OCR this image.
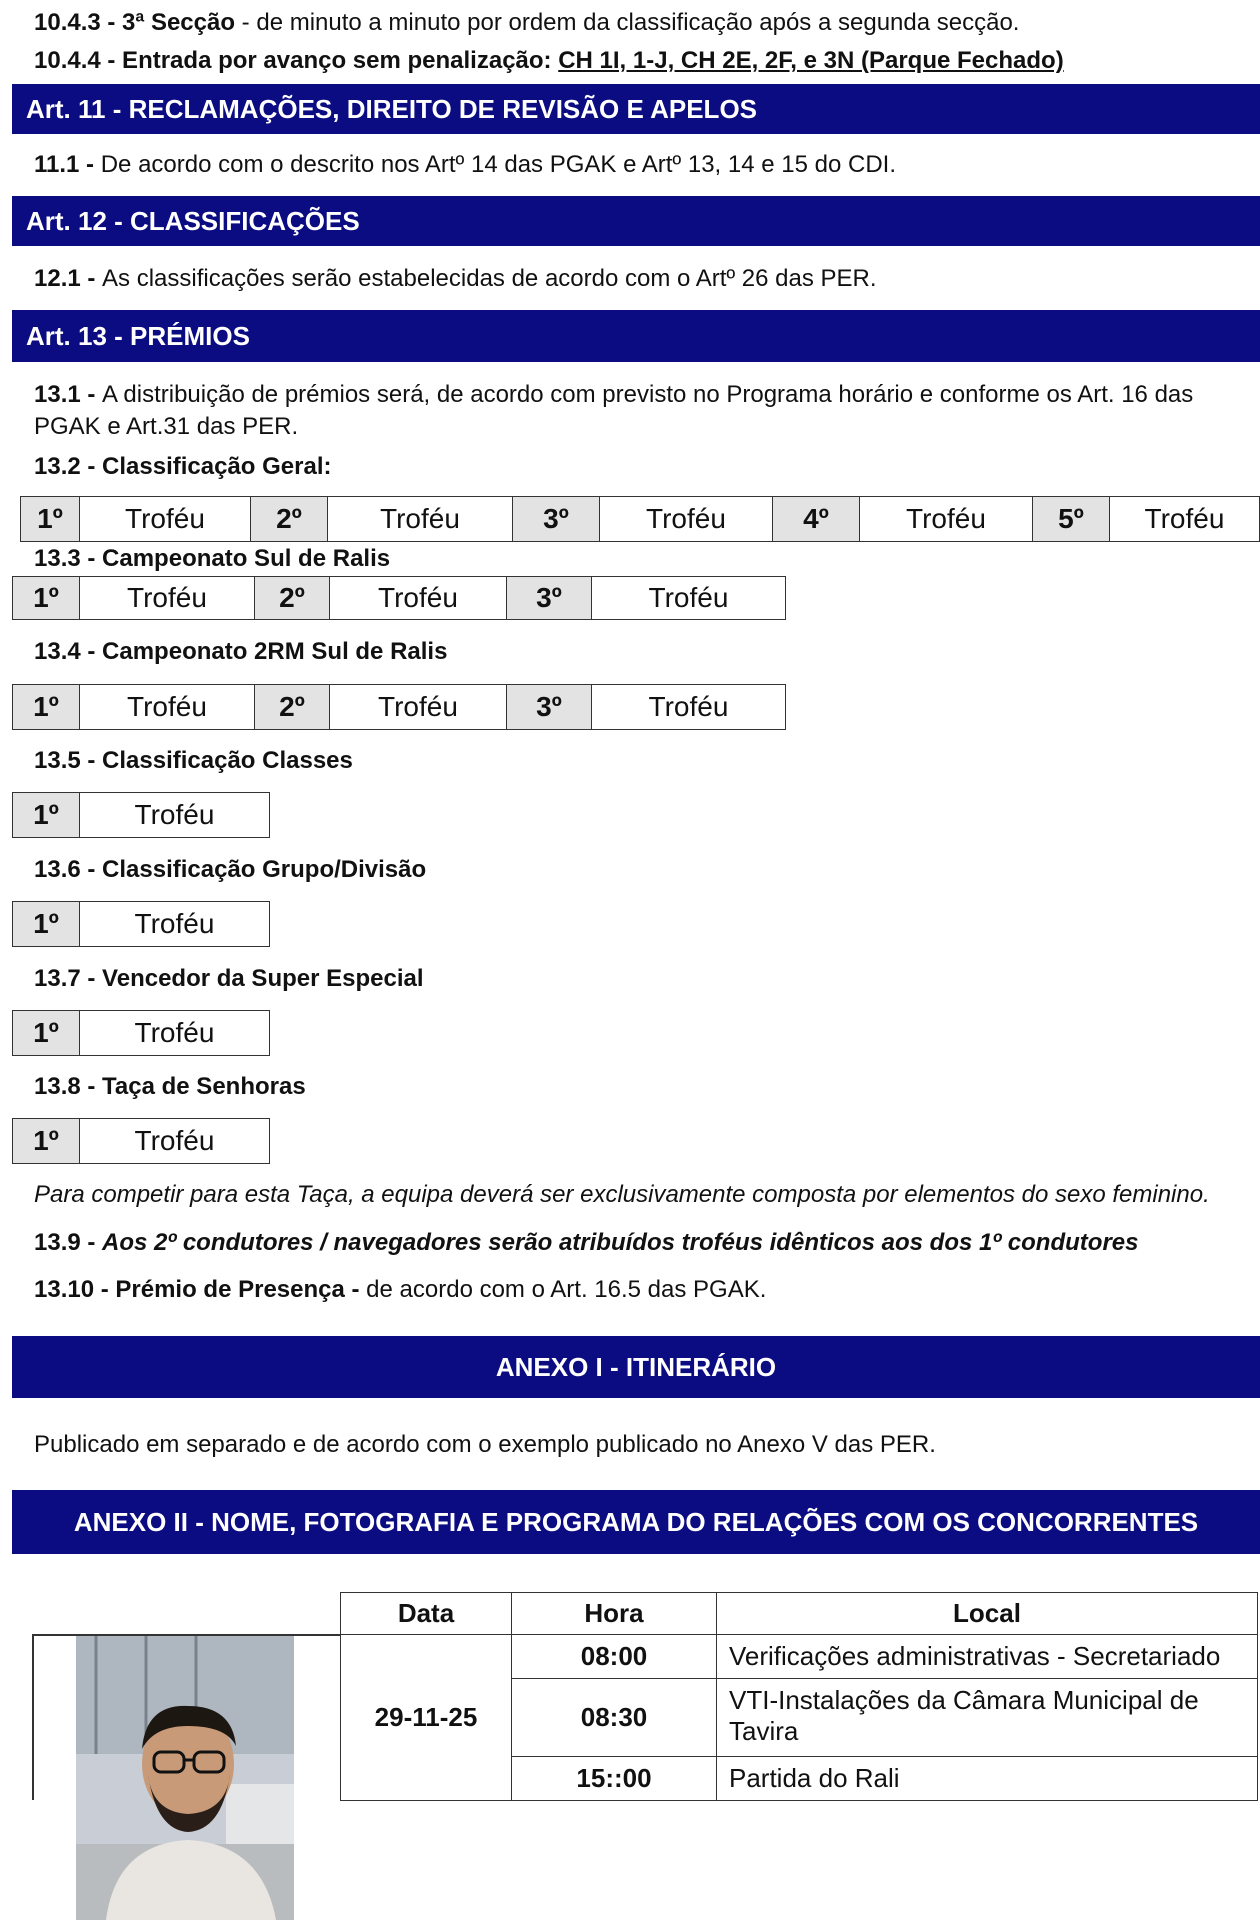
10.4.3 - 3ª Secção - de minuto a minuto por ordem da classificação após a segunda secção.
10.4.4 - Entrada por avanço sem penalização: CH 1I, 1-J, CH 2E, 2F, e 3N (Parque Fechado)
Art. 11 - RECLAMAÇÕES, DIREITO DE REVISÃO E APELOS
11.1 - De acordo com o descrito nos Artº 14 das PGAK e Artº 13, 14 e 15 do CDI.
Art. 12 - CLASSIFICAÇÕES
12.1 - As classificações serão estabelecidas de acordo com o Artº 26 das PER.
Art. 13 - PRÉMIOS
13.1 - A distribuição de prémios será, de acordo com previsto no Programa horário e conforme os Art. 16 das
PGAK e Art.31 das PER.
13.2 - Classificação Geral:
1º	Troféu	2º	Troféu	3º	Troféu	4º	Troféu	5º	Troféu
13.3 - Campeonato Sul de Ralis
1º	Troféu	2º	Troféu	3º	Troféu
13.4 - Campeonato 2RM Sul de Ralis
1º	Troféu	2º	Troféu	3º	Troféu
13.5 - Classificação Classes
1º	Troféu
13.6 - Classificação Grupo/Divisão
1º	Troféu
13.7 - Vencedor da Super Especial
1º	Troféu
13.8 - Taça de Senhoras
1º	Troféu
Para competir para esta Taça, a equipa deverá ser exclusivamente composta por elementos do sexo feminino.
13.9 - Aos 2º condutores / navegadores serão atribuídos troféus idênticos aos dos 1º condutores
13.10 - Prémio de Presença - de acordo com o Art. 16.5 das PGAK.
ANEXO I - ITINERÁRIO
Publicado em separado e de acordo com o exemplo publicado no Anexo V das PER.
ANEXO II - NOME, FOTOGRAFIA E PROGRAMA DO RELAÇÕES COM OS CONCORRENTES
Data	Hora	Local
29-11-25	08:00	Verificações administrativas - Secretariado
	08:30	VTI-Instalações da Câmara Municipal de Tavira
	15::00	Partida do Rali
